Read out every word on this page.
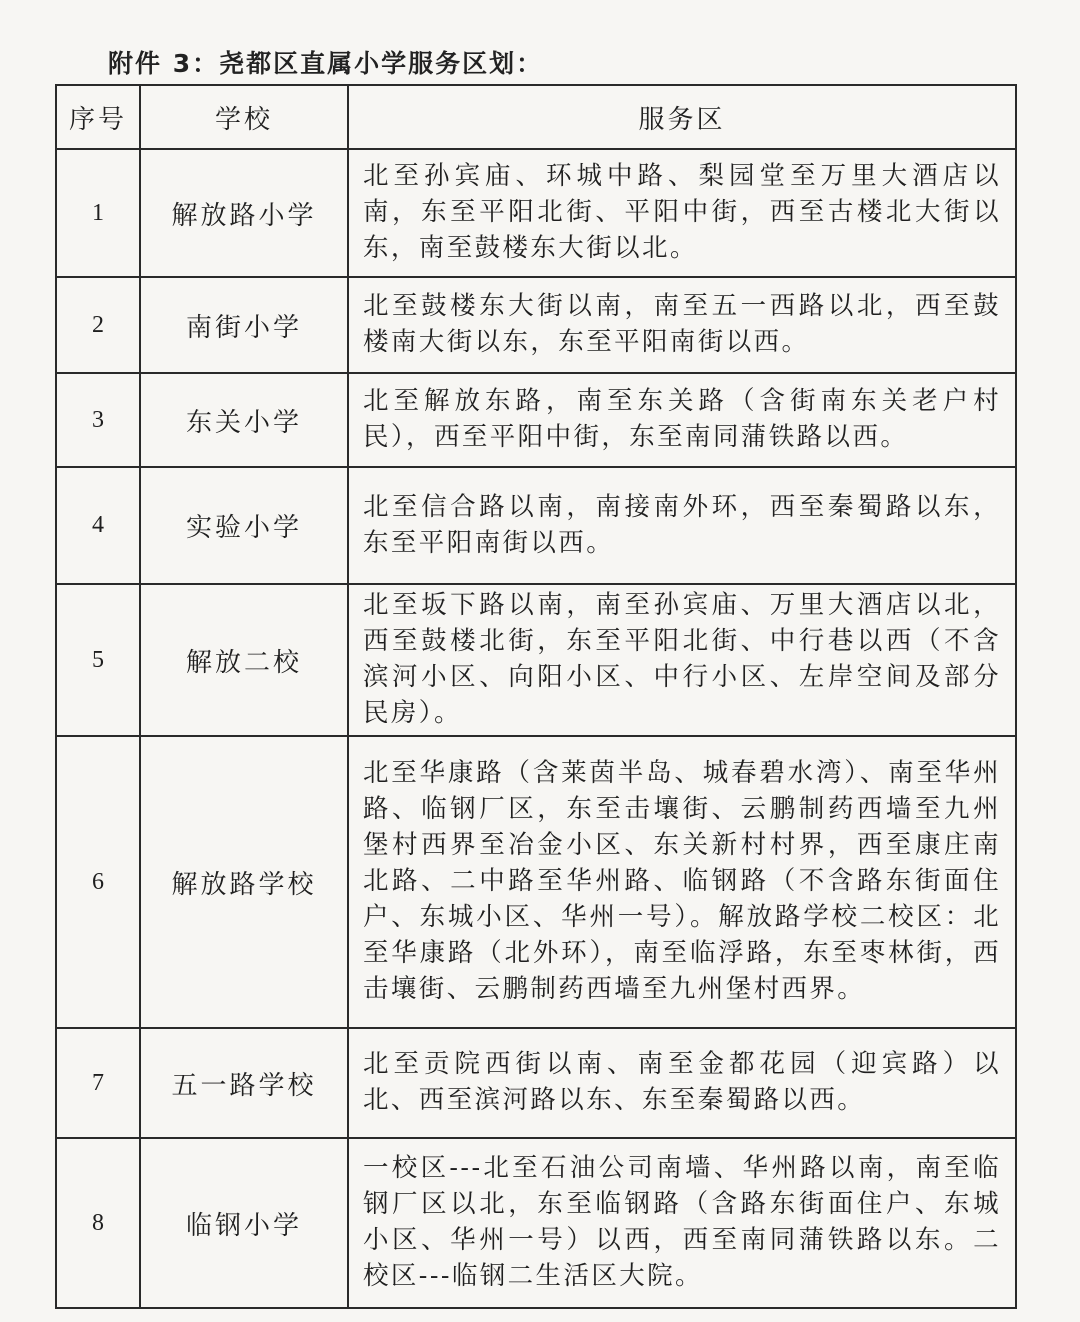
附件 3：尧都区直属小学服务区划：
序号	学校	服务区
1	解放路小学	北至孙宾庙、环城中路、梨园堂至万里大酒店以南，东至平阳北街、平阳中街，西至古楼北大街以东，南至鼓楼东大街以北。
2	南街小学	北至鼓楼东大街以南，南至五一西路以北，西至鼓楼南大街以东，东至平阳南街以西。
3	东关小学	北至解放东路，南至东关路（含街南东关老户村民），西至平阳中街，东至南同蒲铁路以西。
4	实验小学	北至信合路以南，南接南外环，西至秦蜀路以东，东至平阳南街以西。
5	解放二校	北至坂下路以南，南至孙宾庙、万里大酒店以北，西至鼓楼北街，东至平阳北街、中行巷以西（不含滨河小区、向阳小区、中行小区、左岸空间及部分民房）。
6	解放路学校	北至华康路（含莱茵半岛、城春碧水湾）、南至华州路、临钢厂区，东至击壤街、云鹏制药西墙至九州堡村西界至冶金小区、东关新村村界，西至康庄南北路、二中路至华州路、临钢路（不含路东街面住户、东城小区、华州一号）。解放路学校二校区：北至华康路（北外环），南至临浮路，东至枣林街，西击壤街、云鹏制药西墙至九州堡村西界。
7	五一路学校	北至贡院西街以南、南至金都花园（迎宾路）以北、西至滨河路以东、东至秦蜀路以西。
8	临钢小学	一校区---北至石油公司南墙、华州路以南，南至临钢厂区以北，东至临钢路（含路东街面住户、东城小区、华州一号）以西，西至南同蒲铁路以东。二校区---临钢二生活区大院。
